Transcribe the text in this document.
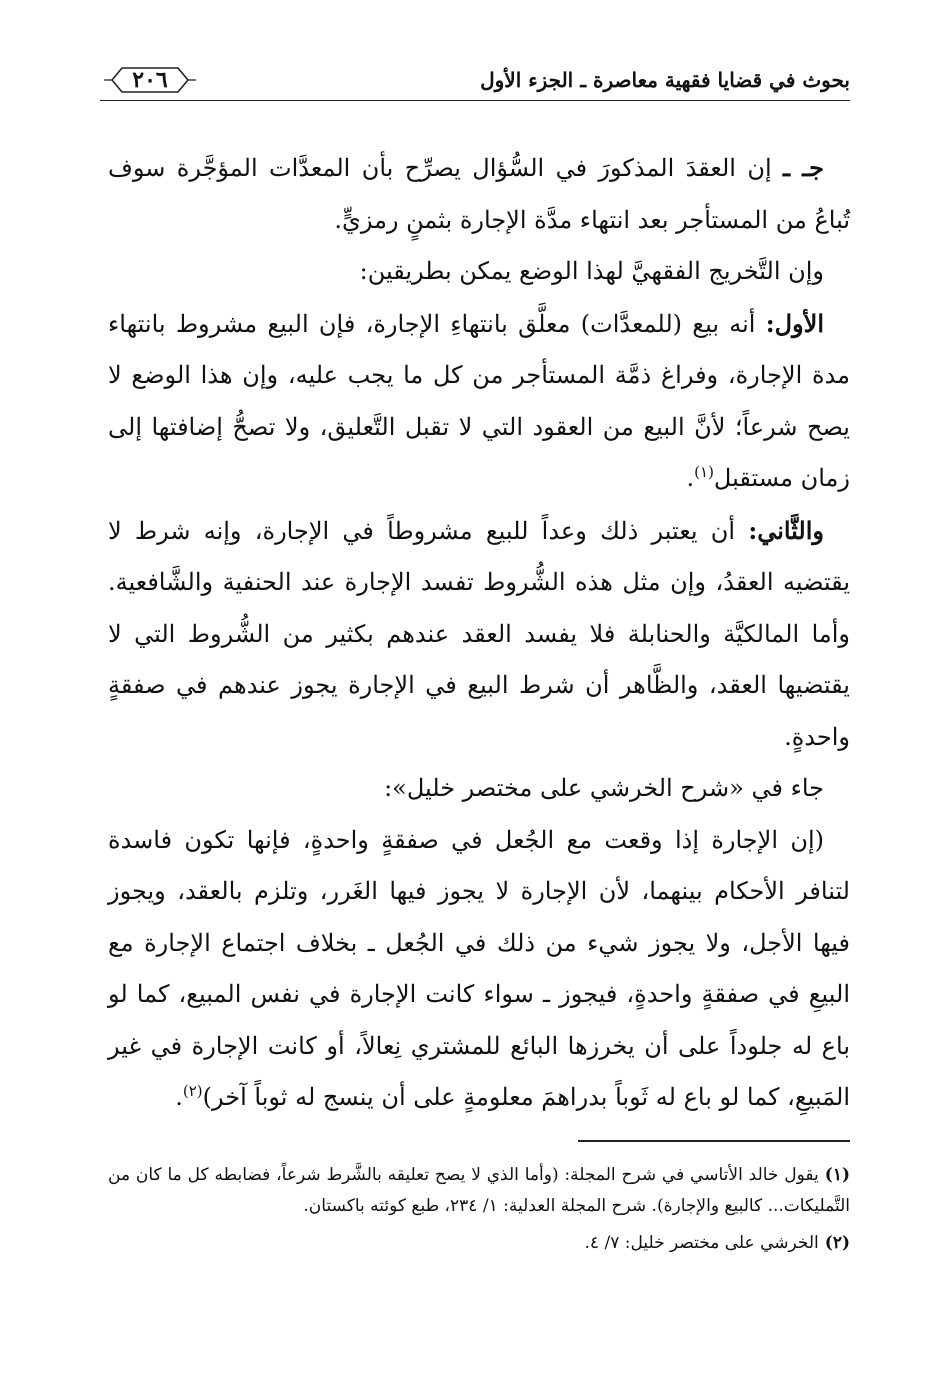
بحوث في قضايا فقهية معاصرة ـ الجزء الأول
٢٠٦

جـ ـ إن العقدَ المذكورَ في السُّؤال يصرِّح بأن المعدَّات المؤجَّرة سوف تُباعُ من المستأجر بعد انتهاء مدَّة الإجارة بثمنٍ رمزيٍّ.

وإن التَّخريج الفقهيَّ لهذا الوضع يمكن بطريقين:

الأول: أنه بيع (للمعدَّات) معلَّق بانتهاءِ الإجارة، فإن البيع مشروط بانتهاء مدة الإجارة، وفراغ ذمَّة المستأجر من كل ما يجب عليه، وإن هذا الوضع لا يصح شرعاً؛ لأنَّ البيع من العقود التي لا تقبل التَّعليق، ولا تصحُّ إضافتها إلى زمان مستقبل$^{(١)}$.

والثَّاني: أن يعتبر ذلك وعداً للبيع مشروطاً في الإجارة، وإنه شرط لا يقتضيه العقدُ، وإن مثل هذه الشُّروط تفسد الإجارة عند الحنفية والشَّافعية. وأما المالكيَّة والحنابلة فلا يفسد العقد عندهم بكثير من الشُّروط التي لا يقتضيها العقد، والظَّاهر أن شرط البيع في الإجارة يجوز عندهم في صفقةٍ واحدةٍ.

جاء في «شرح الخرشي على مختصر خليل»:

(إن الإجارة إذا وقعت مع الجُعل في صفقةٍ واحدةٍ، فإنها تكون فاسدة لتنافر الأحكام بينهما، لأن الإجارة لا يجوز فيها الغَرر، وتلزم بالعقد، ويجوز فيها الأجل، ولا يجوز شيء من ذلك في الجُعل ـ بخلاف اجتماع الإجارة مع البيعِ في صفقةٍ واحدةٍ، فيجوز ـ سواء كانت الإجارة في نفس المبيع، كما لو باع له جلوداً على أن يخرزها البائع للمشتري نِعالاً، أو كانت الإجارة في غير المَبيعِ، كما لو باع له ثَوباً بدراهمَ معلومةٍ على أن ينسج له ثوباً آخر)$^{(٢)}$.

(١)يقول خالد الأتاسي في شرح المجلة: (وأما الذي لا يصح تعليقه بالشَّرط شرعاً، فضابطه كل ما كان من التَّمليكات... كالبيع والإجارة). شرح المجلة العدلية: ١/ ٢٣٤، طبع كوئته باكستان.

(٢)الخرشي على مختصر خليل: ٧/ ٤.
